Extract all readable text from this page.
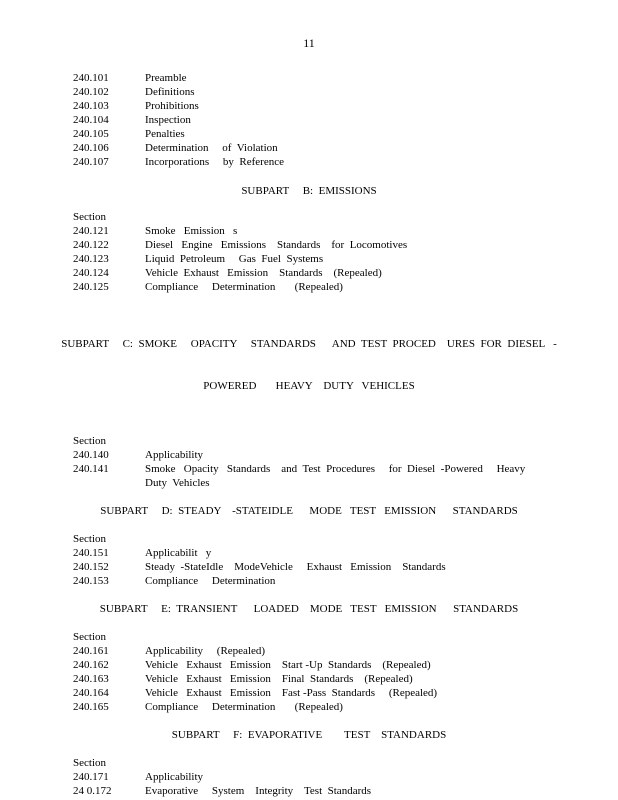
11
240.101	Preamble
240.102	Definitions
240.103	Prohibitions
240.104	Inspection
240.105	Penalties
240.106	Determination     of  Violation
240.107	Incorporations     by  Reference
SUBPART     B:  EMISSIONS
Section
240.121	Smoke   Emission   s
240.122	Diesel   Engine   Emissions    Standards    for  Locomotives
240.123	Liquid  Petroleum     Gas  Fuel  Systems
240.124	Vehicle  Exhaust   Emission    Standards    (Repealed)
240.125	Compliance     Determination       (Repealed)

SUBPART     C:  SMOKE     OPACITY     STANDARDS      AND  TEST  PROCED    URES  FOR  DIESEL   -

POWERED       HEAVY    DUTY   VEHICLES

Section
240.140	Applicability
240.141	Smoke   Opacity   Standards    and  Test  Procedures     for  Diesel  -Powered     Heavy
Duty  Vehicles
SUBPART     D:  STEADY    -STATEIDLE      MODE   TEST   EMISSION      STANDARDS
Section
240.151	Applicabilit   y
240.152	Steady  -StateIdle    ModeVehicle     Exhaust   Emission    Standards
240.153	Compliance     Determination
SUBPART     E:  TRANSIENT      LOADED    MODE   TEST   EMISSION      STANDARDS
Section
240.161	Applicability     (Repealed)
240.162	Vehicle   Exhaust   Emission    Start -Up  Standards    (Repealed)
240.163	Vehicle   Exhaust   Emission    Final  Standards    (Repealed)
240.164	Vehicle   Exhaust   Emission    Fast -Pass  Standards     (Repealed)
240.165	Compliance     Determination       (Repealed)
SUBPART     F:  EVAPORATIVE        TEST    STANDARDS
Section
240.171	Applicability
24 0.172	Evaporative     System    Integrity    Test  Standards
